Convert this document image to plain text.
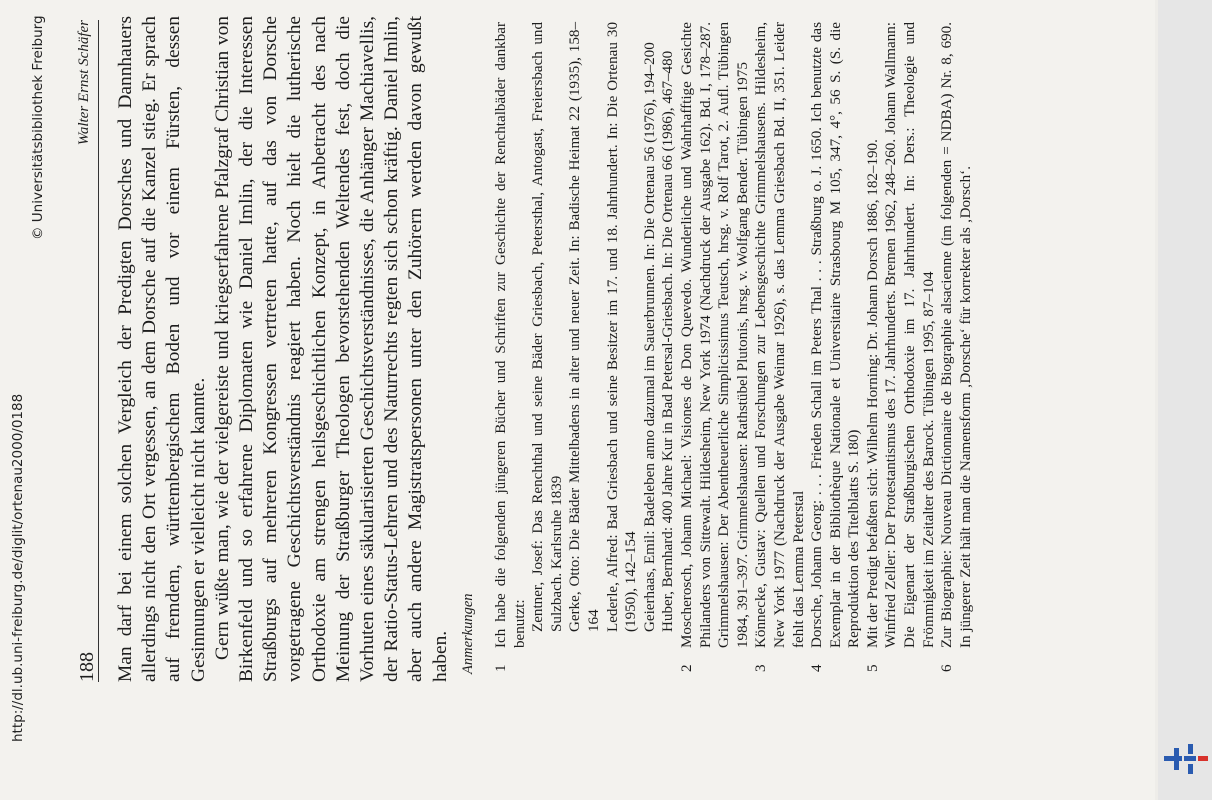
188
Walter Ernst Schäfer Man darf bei einem solchen Vergleich der Predigten Dorsches und Dannhauers allerdings nicht den Ort vergessen, an dem Dorsche auf die Kanzel stieg. Er sprach auf fremdem, württembergischem Boden und vor einem Fürsten, dessen Gesinnungen er vielleicht nicht kannte. Gern wüßte man, wie der vielgereiste und kriegserfahrene Pfalzgraf Christian von Birkenfeld und so erfahrene Diplomaten wie Daniel Imlin, der die Interessen Straßburgs auf mehreren Kongressen vertreten hatte, auf das von Dorsche vorgetragene Geschichtsverständnis reagiert haben. Noch hielt die lutherische Orthodoxie am strengen heilsgeschichtlichen Konzept, in Anbetracht des nach Meinung der Straßburger Theologen bevorstehenden Weltendes fest, doch die Vorhuten eines säkularisierten Geschichtsverständnisses, die Anhänger Machiavellis, der Ratio-Status-Lehren und des Naturrechts regten sich schon kräftig. Daniel Imlin, aber auch andere Magistratspersonen unter den Zuhörern werden davon gewußt haben. Anmerkungen 1

Ich habe die folgenden jüngeren Bücher und Schriften zur Geschichte der Renchtalbäder dankbar benutzt: Zentner, Josef: Das Renchthal und seine Bäder Griesbach, Petersthal, Antogast, Freiersbach und Sulzbach. Karlsruhe 1839 Gerke, Otto: Die Bäder Mittelbadens in alter und neuer Zeit. In: Badische Heimat 22 (1935), 158–164 Lederle, Alfred: Bad Griesbach und seine Besitzer im 17. und 18. Jahrhundert. In: Die Ortenau 30 (1950), 142–154 Geierhaas, Emil: Badeleben anno dazumal im Sauerbrunnen. In: Die Ortenau 56 (1976), 194–200 Huber, Bernhard: 400 Jahre Kur in Bad Petersal-Griesbach. In: Die Ortenau 66 (1986), 467–480

2

Moscherosch, Johann Michael: Visiones de Don Quevedo. Wunderliche und Wahrhafftige Gesichte Philanders von Sittewalt. Hildesheim, New York 1974 (Nachdruck der Ausgabe 162). Bd. I, 178–287. Grimmelshausen: Der Abentheuerliche Simplicissimus Teutsch, hrsg. v. Rolf Tarot, 2. Aufl. Tübingen 1984, 391–397. Grimmelshausen: Rathstübel Plutonis, hrsg. v. Wolfgang Bender. Tübingen 1975

3

Könnecke, Gustav: Quellen und Forschungen zur Lebensgeschichte Grimmelshausens. Hildesheim, New York 1977 (Nachdruck der Ausgabe Weimar 1926), s. das Lemma Griesbach Bd. II, 351. Leider fehlt das Lemma Peterstal

4

Dorsche, Johann Georg: . . . Frieden Schall im Peters Thal . . . Straßburg o. J. 1650. Ich benutzte das Exemplar in der Bibliothèque Nationale et Universitaire Strasbourg M 105, 347, 4°, 56 S. (S. die Reproduktion des Titelblatts S. 180)

5

Mit der Predigt befaßten sich: Wilhelm Horning: Dr. Johann Dorsch 1886, 182–190. Winfried Zeller: Der Protestantismus des 17. Jahrhunderts. Bremen 1962, 248–260. Johann Wallmann: Die Eigenart der Straßburgischen Orthodoxie im 17. Jahrhundert. In: Ders.: Theologie und Frömmigkeit im Zeitalter des Barock. Tübingen 1995, 87–104

6

Zur Biographie: Nouveau Dictionnaire de Biographie alsacienne (im folgenden = NDBA) Nr. 8, 690. In jüngerer Zeit hält man die Namensform ‚Dorsche‘ für korrekter als ‚Dorsch‘.

http://dl.ub.uni-freiburg.de/diglit/ortenau2000/0188
© Universitätsbibliothek Freiburg
